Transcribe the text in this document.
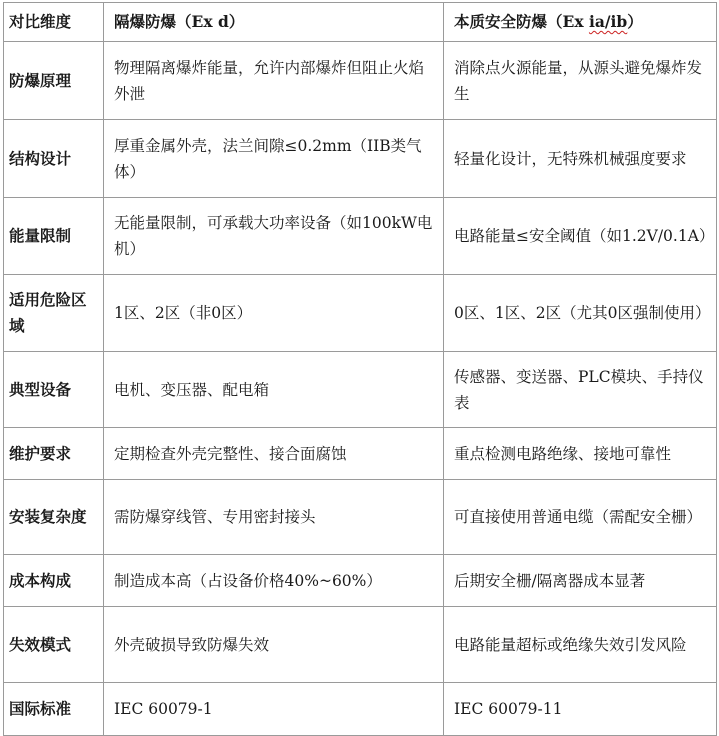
对比维度	隔爆防爆（Ex d）	本质安全防爆（Ex ia/ib）
防爆原理	物理隔离爆炸能量，允许内部爆炸但阻止火焰外泄	消除点火源能量，从源头避免爆炸发生
结构设计	厚重金属外壳，法兰间隙≤0.2mm（IIB类气体）	轻量化设计，无特殊机械强度要求
能量限制	无能量限制，可承载大功率设备（如100kW电机）	电路能量≤安全阈值（如1.2V/0.1A）
适用危险区域	1区、2区（非0区）	0区、1区、2区（尤其0区强制使用）
典型设备	电机、变压器、配电箱	传感器、变送器、PLC模块、手持仪表
维护要求	定期检查外壳完整性、接合面腐蚀	重点检测电路绝缘、接地可靠性
安装复杂度	需防爆穿线管、专用密封接头	可直接使用普通电缆（需配安全栅）
成本构成	制造成本高（占设备价格40%~60%）	后期安全栅/隔离器成本显著
失效模式	外壳破损导致防爆失效	电路能量超标或绝缘失效引发风险
国际标准	IEC 60079-1	IEC 60079-11
